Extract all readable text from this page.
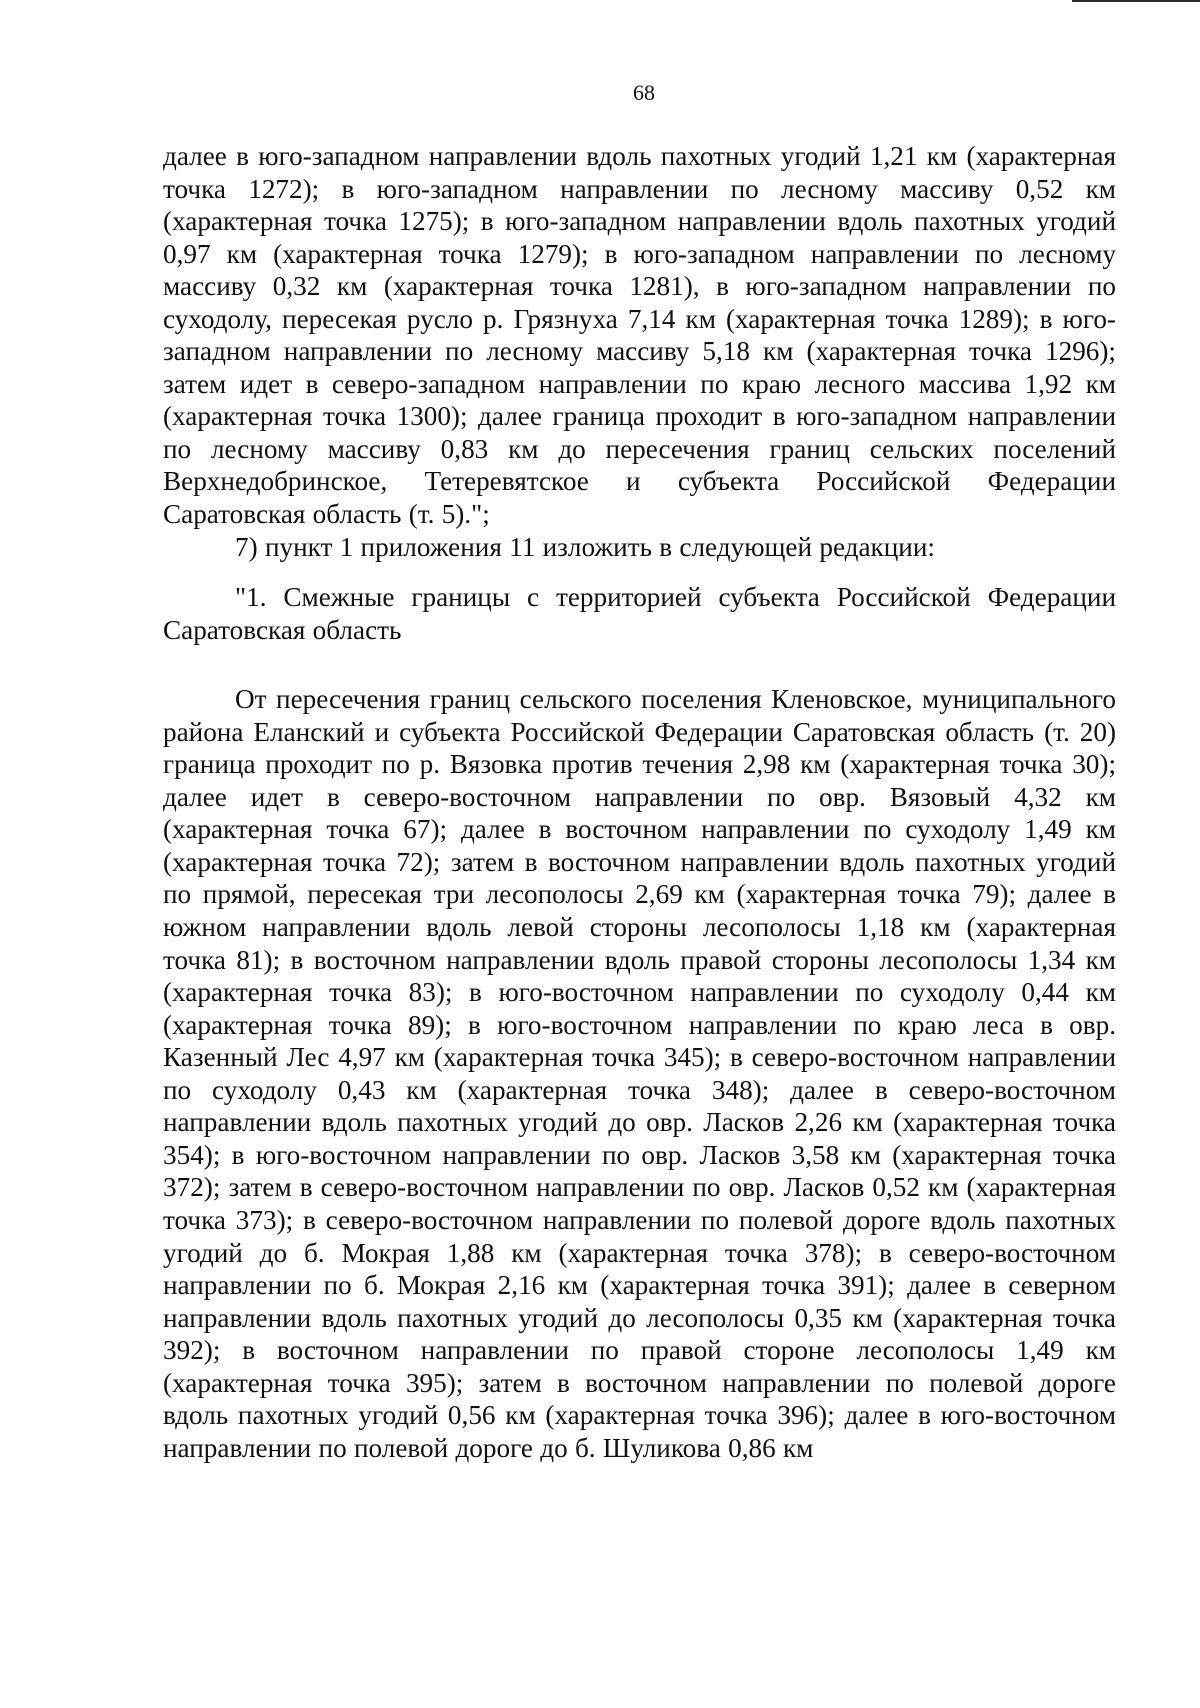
68

далее в юго-западном направлении вдоль пахотных угодий 1,21 км (характерная точка 1272); в юго-западном направлении по лесному массиву 0,52 км (характерная точка 1275); в юго-западном направлении вдоль пахотных угодий 0,97 км (характерная точка 1279); в юго-западном направлении по лесному массиву 0,32 км (характерная точка 1281), в юго-западном направлении по суходолу, пересекая русло р. Грязнуха 7,14 км (характерная точка 1289); в юго-западном направлении по лесному массиву 5,18 км (характерная точка 1296); затем идет в северо-западном направлении по краю лесного массива 1,92 км (характерная точка 1300); далее граница проходит в юго-западном направлении по лесному массиву 0,83 км до пересечения границ сельских поселений Верхнедобринское, Тетеревятское и субъекта Российской Федерации Саратовская область (т. 5).";

7) пункт 1 приложения 11 изложить в следующей редакции:

"1. Смежные границы с территорией субъекта Российской Федерации Саратовская область

От пересечения границ сельского поселения Кленовское, муниципального района Еланский и субъекта Российской Федерации Саратовская область (т. 20) граница проходит по р. Вязовка против течения 2,98 км (характерная точка 30); далее идет в северо-восточном направлении по овр. Вязовый 4,32 км (характерная точка 67); далее в восточном направлении по суходолу 1,49 км (характерная точка 72); затем в восточном направлении вдоль пахотных угодий по прямой, пересекая три лесополосы 2,69 км (характерная точка 79); далее в южном направлении вдоль левой стороны лесополосы 1,18 км (характерная точка 81); в восточном направлении вдоль правой стороны лесополосы 1,34 км (характерная точка 83); в юго-восточном направлении по суходолу 0,44 км (характерная точка 89); в юго-восточном направлении по краю леса в овр. Казенный Лес 4,97 км (характерная точка 345); в северо-восточном направлении по суходолу 0,43 км (характерная точка 348); далее в северо-восточном направлении вдоль пахотных угодий до овр. Ласков 2,26 км (характерная точка 354); в юго-восточном направлении по овр. Ласков 3,58 км (характерная точка 372); затем в северо-восточном направлении по овр. Ласков 0,52 км (характерная точка 373); в северо-восточном направлении по полевой дороге вдоль пахотных угодий до б. Мокрая 1,88 км (характерная точка 378); в северо-восточном направлении по б. Мокрая 2,16 км (характерная точка 391); далее в северном направлении вдоль пахотных угодий до лесополосы 0,35 км (характерная точка 392); в восточном направлении по правой стороне лесополосы 1,49 км (характерная точка 395); затем в восточном направлении по полевой дороге вдоль пахотных угодий 0,56 км (характерная точка 396); далее в юго-восточном направлении по полевой дороге до б. Шуликова 0,86 км
